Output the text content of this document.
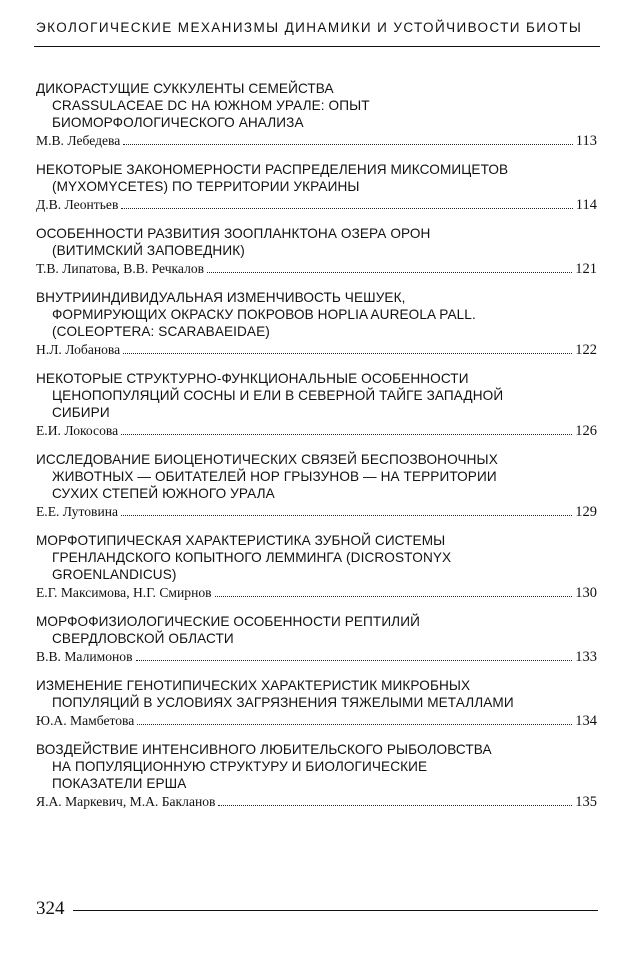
ЭКОЛОГИЧЕСКИЕ МЕХАНИЗМЫ ДИНАМИКИ И УСТОЙЧИВОСТИ БИОТЫ
ДИКОРАСТУЩИЕ СУККУЛЕНТЫ СЕМЕЙСТВА
CRASSULACEAE DC НА ЮЖНОМ УРАЛЕ: ОПЫТ
БИОМОРФОЛОГИЧЕСКОГО АНАЛИЗА
М.В. Лебедева	113
НЕКОТОРЫЕ ЗАКОНОМЕРНОСТИ РАСПРЕДЕЛЕНИЯ МИКСОМИЦЕТОВ
(MYXOMYCETES) ПО ТЕРРИТОРИИ УКРАИНЫ
Д.В. Леонтьев	114
ОСОБЕННОСТИ РАЗВИТИЯ ЗООПЛАНКТОНА ОЗЕРА ОРОН
(ВИТИМСКИЙ ЗАПОВЕДНИК)
Т.В. Липатова, В.В. Речкалов	121
ВНУТРИИНДИВИДУАЛЬНАЯ ИЗМЕНЧИВОСТЬ ЧЕШУЕК,
ФОРМИРУЮЩИХ ОКРАСКУ ПОКРОВОВ HOPLIA AUREOLA PALL.
(COLEOPTERA: SCARABAEIDAE)
Н.Л. Лобанова	122
НЕКОТОРЫЕ СТРУКТУРНО-ФУНКЦИОНАЛЬНЫЕ ОСОБЕННОСТИ
ЦЕНОПОПУЛЯЦИЙ СОСНЫ И ЕЛИ В СЕВЕРНОЙ ТАЙГЕ ЗАПАДНОЙ
СИБИРИ
Е.И. Локосова	126
ИССЛЕДОВАНИЕ БИОЦЕНОТИЧЕСКИХ СВЯЗЕЙ БЕСПОЗВОНОЧНЫХ
ЖИВОТНЫХ — ОБИТАТЕЛЕЙ НОР ГРЫЗУНОВ — НА ТЕРРИТОРИИ
СУХИХ СТЕПЕЙ ЮЖНОГО УРАЛА
Е.Е. Лутовина	129
МОРФОТИПИЧЕСКАЯ ХАРАКТЕРИСТИКА ЗУБНОЙ СИСТЕМЫ
ГРЕНЛАНДСКОГО КОПЫТНОГО ЛЕММИНГА (DICROSTONYX
GROENLANDICUS)
Е.Г. Максимова, Н.Г. Смирнов	130
МОРФОФИЗИОЛОГИЧЕСКИЕ ОСОБЕННОСТИ РЕПТИЛИЙ
СВЕРДЛОВСКОЙ ОБЛАСТИ
В.В. Малимонов	133
ИЗМЕНЕНИЕ ГЕНОТИПИЧЕСКИХ ХАРАКТЕРИСТИК МИКРОБНЫХ
ПОПУЛЯЦИЙ В УСЛОВИЯХ ЗАГРЯЗНЕНИЯ ТЯЖЕЛЫМИ МЕТАЛЛАМИ
Ю.А. Мамбетова	134
ВОЗДЕЙСТВИЕ ИНТЕНСИВНОГО ЛЮБИТЕЛЬСКОГО РЫБОЛОВСТВА
НА ПОПУЛЯЦИОННУЮ СТРУКТУРУ И БИОЛОГИЧЕСКИЕ
ПОКАЗАТЕЛИ ЕРША
Я.А. Маркевич, М.А. Бакланов	135
324
